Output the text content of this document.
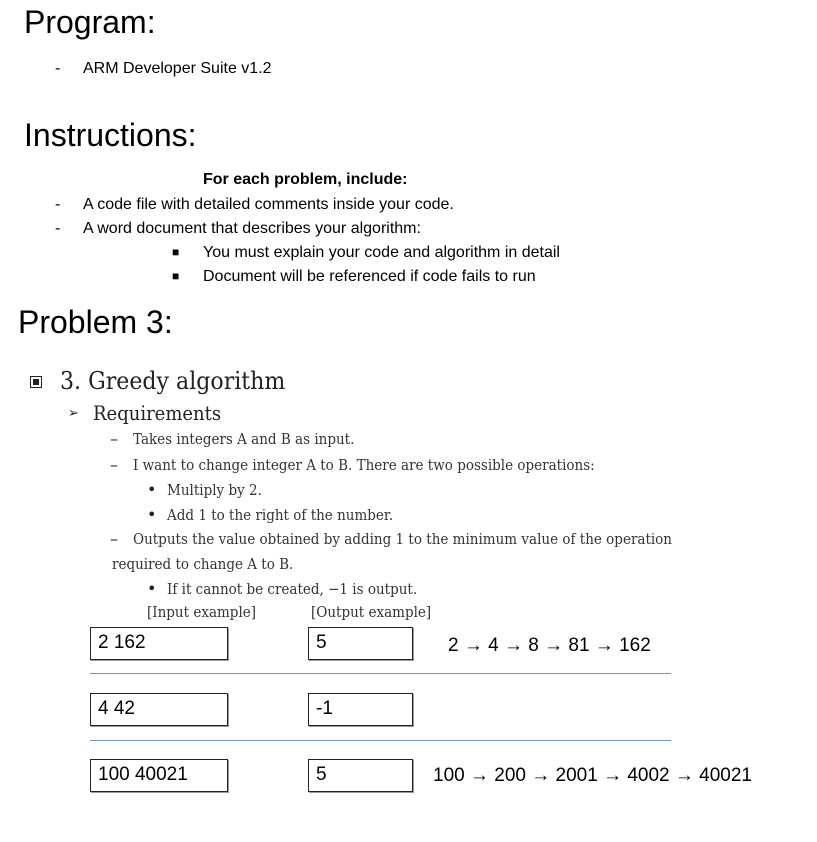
Program:
- ARM Developer Suite v1.2
Instructions:
For each problem, include:
- A code file with detailed comments inside your code.
- A word document that describes your algorithm:
■ You must explain your code and algorithm in detail
■ Document will be referenced if code fails to run
Problem 3:
3. Greedy algorithm
➢ Requirements
– Takes integers A and B as input.
– I want to change integer A to B. There are two possible operations:
• Multiply by 2.
• Add 1 to the right of the number.
– Outputs the value obtained by adding 1 to the minimum value of the operation
required to change A to B.
• If it cannot be created, −1 is output.
[Input example]	[Output example]
2 162	5	2 → 4 → 8 → 81 → 162
4 42	-1
100 40021	5	100 → 200 → 2001 → 4002 → 40021
